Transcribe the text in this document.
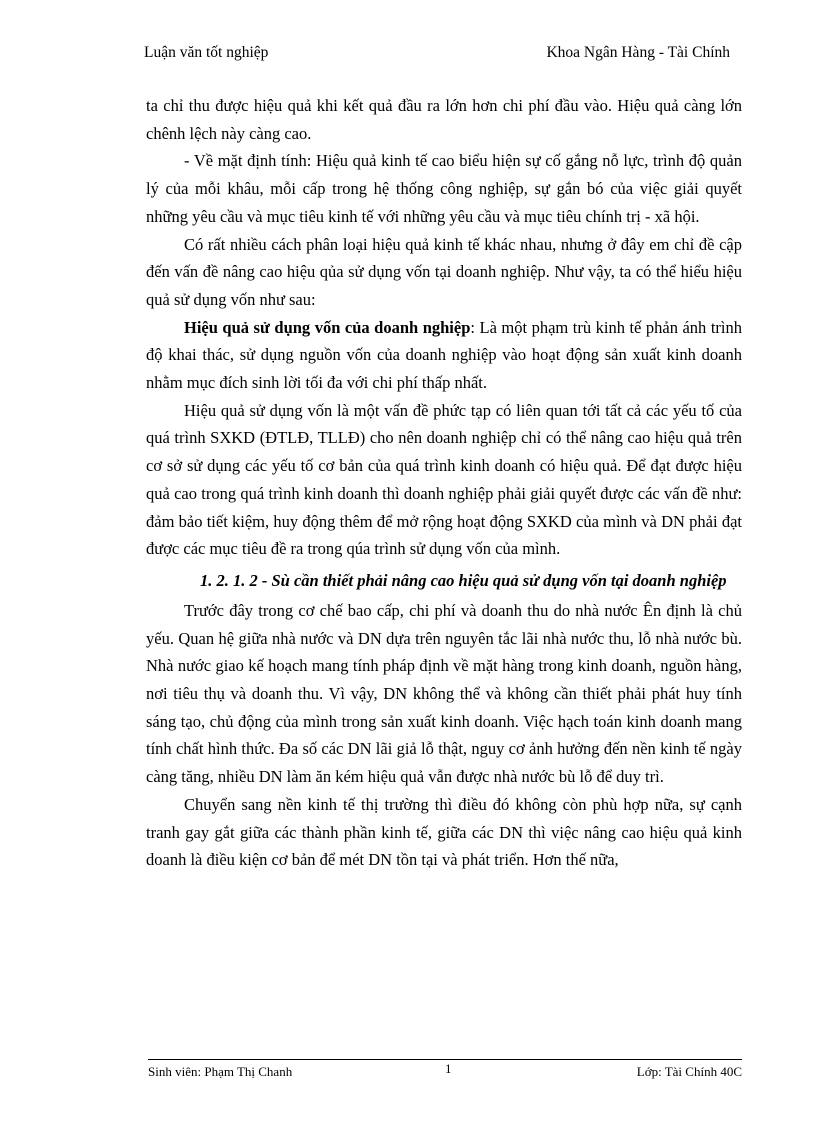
Luận văn tốt nghiệp	Khoa Ngân Hàng - Tài Chính

ta chỉ thu được hiệu quả khi kết quả đầu ra lớn hơn chi phí đầu vào. Hiệu quả càng lớn chênh lệch này càng cao.

- Về mặt định tính: Hiệu quả kinh tế cao biểu hiện sự cố gắng nỗ lực, trình độ quản lý của mỗi khâu, mỗi cấp trong hệ thống công nghiệp, sự gắn bó của việc giải quyết những yêu cầu và mục tiêu kinh tế với những yêu cầu và mục tiêu chính trị - xã hội.

Có rất nhiều cách phân loại hiệu quả kinh tế khác nhau, nhưng ở đây em chỉ đề cập đến vấn đề nâng cao hiệu qủa sử dụng vốn tại doanh nghiệp. Như vậy, ta có thể hiểu hiệu quả sử dụng vốn như sau:

Hiệu quả sử dụng vốn của doanh nghiệp: Là một phạm trù kinh tế phản ánh trình độ khai thác, sử dụng nguồn vốn của doanh nghiệp vào hoạt động sản xuất kinh doanh nhằm mục đích sinh lời tối đa với chi phí thấp nhất.

Hiệu quả sử dụng vốn là một vấn đề phức tạp có liên quan tới tất cả các yếu tố của quá trình SXKD (ĐTLĐ, TLLĐ) cho nên doanh nghiệp chỉ có thể nâng cao hiệu quả trên cơ sở sử dụng các yếu tố cơ bản của quá trình kinh doanh có hiệu quả. Để đạt được hiệu quả cao trong quá trình kinh doanh thì doanh nghiệp phải giải quyết được các vấn đề như: đảm bảo tiết kiệm, huy động thêm để mở rộng hoạt động SXKD của mình và DN phải đạt được các mục tiêu đề ra trong qúa trình sử dụng vốn của mình.

1. 2. 1. 2 - Sù cần thiết phải nâng cao hiệu quả sử dụng vốn tại doanh nghiệp

Trước đây trong cơ chế bao cấp, chi phí và doanh thu do nhà nước Ên định là chủ yếu. Quan hệ giữa nhà nước và DN dựa trên nguyên tắc lãi nhà nước thu, lỗ nhà nước bù. Nhà nước giao kế hoạch mang tính pháp định về mặt hàng trong kinh doanh, nguồn hàng, nơi tiêu thụ và doanh thu. Vì vậy, DN không thể và không cần thiết phải phát huy tính sáng tạo, chủ động của mình trong sản xuất kinh doanh. Việc hạch toán kinh doanh mang tính chất hình thức. Đa số các DN lãi giả lỗ thật, nguy cơ ảnh hưởng đến nền kinh tế ngày càng tăng, nhiều DN làm ăn kém hiệu quả vẫn được nhà nước bù lỗ để duy trì.

Chuyển sang nền kinh tế thị trường thì điều đó không còn phù hợp nữa, sự cạnh tranh gay gắt giữa các thành phần kinh tế, giữa các DN thì việc nâng cao hiệu quả kinh doanh là điều kiện cơ bản để mét DN tồn tại và phát triển. Hơn thế nữa,

Sinh viên: Phạm Thị Chanh	1	Lớp: Tài Chính 40C
